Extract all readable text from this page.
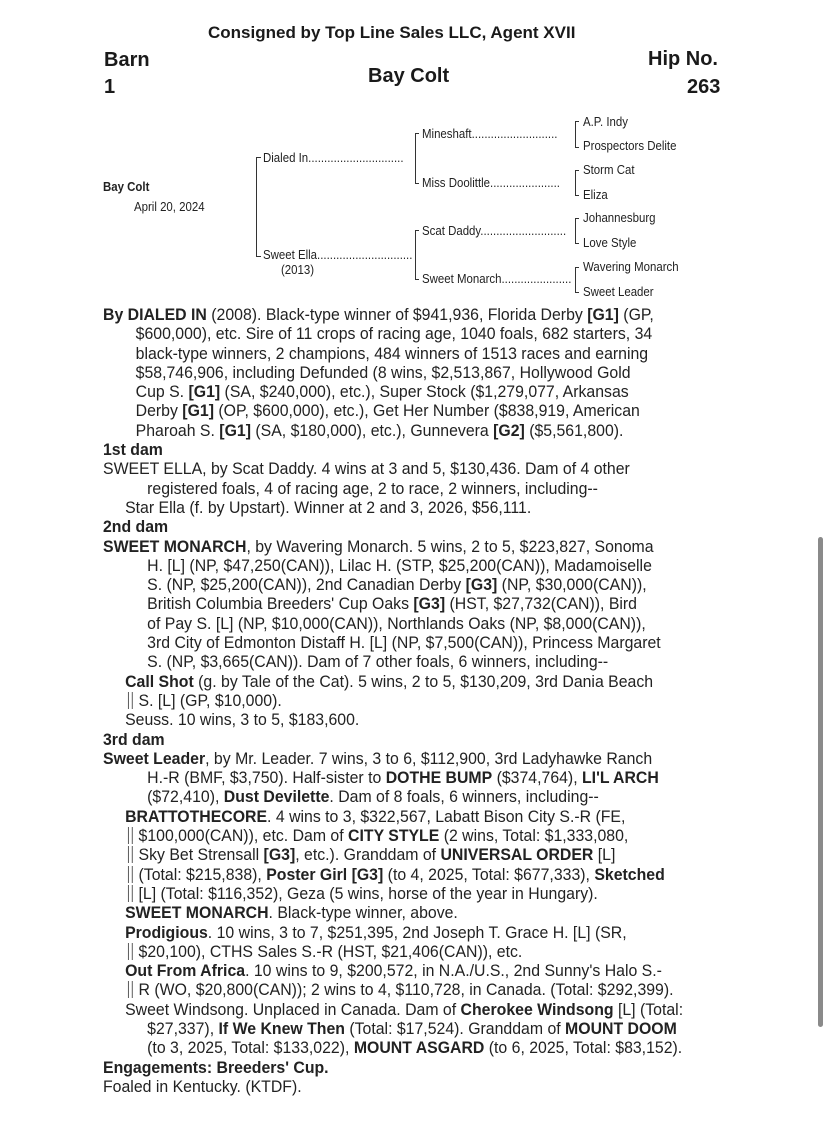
Consigned by Top Line Sales LLC, Agent XVII
Barn
1	Bay Colt
Hip No.
263
Bay Colt
April 20, 2024
Dialed In..............................
Sweet Ella..............................
(2013)
Mineshaft...........................
Miss Doolittle......................
Scat Daddy...........................
Sweet Monarch......................
A.P. Indy
Prospectors Delite
Storm Cat
Eliza
Johannesburg
Love Style
Wavering Monarch
Sweet Leader
By DIALED IN (2008). Black-type winner of $941,936, Florida Derby [G1] (GP,
$600,000), etc. Sire of 11 crops of racing age, 1040 foals, 682 starters, 34
black-type winners, 2 champions, 484 winners of 1513 races and earning
$58,746,906, including Defunded (8 wins, $2,513,867, Hollywood Gold
Cup S. [G1] (SA, $240,000), etc.), Super Stock ($1,279,077, Arkansas
Derby [G1] (OP, $600,000), etc.), Get Her Number ($838,919, American
Pharoah S. [G1] (SA, $180,000), etc.), Gunnevera [G2] ($5,561,800).
1st dam
SWEET ELLA, by Scat Daddy. 4 wins at 3 and 5, $130,436. Dam of 4 other
registered foals, 4 of racing age, 2 to race, 2 winners, including--
Star Ella (f. by Upstart). Winner at 2 and 3, 2026, $56,111.
2nd dam
SWEET MONARCH, by Wavering Monarch. 5 wins, 2 to 5, $223,827, Sonoma
H. [L] (NP, $47,250(CAN)), Lilac H. (STP, $25,200(CAN)), Madamoiselle
S. (NP, $25,200(CAN)), 2nd Canadian Derby [G3] (NP, $30,000(CAN)),
British Columbia Breeders' Cup Oaks [G3] (HST, $27,732(CAN)), Bird
of Pay S. [L] (NP, $10,000(CAN)), Northlands Oaks (NP, $8,000(CAN)),
3rd City of Edmonton Distaff H. [L] (NP, $7,500(CAN)), Princess Margaret
S. (NP, $3,665(CAN)). Dam of 7 other foals, 6 winners, including--
Call Shot (g. by Tale of the Cat). 5 wins, 2 to 5, $130,209, 3rd Dania Beach
S. [L] (GP, $10,000).
Seuss. 10 wins, 3 to 5, $183,600.
3rd dam
Sweet Leader, by Mr. Leader. 7 wins, 3 to 6, $112,900, 3rd Ladyhawke Ranch
H.-R (BMF, $3,750). Half-sister to DOTHE BUMP ($374,764), LI'L ARCH
($72,410), Dust Devilette. Dam of 8 foals, 6 winners, including--
BRATTOTHECORE. 4 wins to 3, $322,567, Labatt Bison City S.-R (FE,
$100,000(CAN)), etc. Dam of CITY STYLE (2 wins, Total: $1,333,080,
Sky Bet Strensall [G3], etc.). Granddam of UNIVERSAL ORDER [L]
(Total: $215,838), Poster Girl [G3] (to 4, 2025, Total: $677,333), Sketched
[L] (Total: $116,352), Geza (5 wins, horse of the year in Hungary).
SWEET MONARCH. Black-type winner, above.
Prodigious. 10 wins, 3 to 7, $251,395, 2nd Joseph T. Grace H. [L] (SR,
$20,100), CTHS Sales S.-R (HST, $21,406(CAN)), etc.
Out From Africa. 10 wins to 9, $200,572, in N.A./U.S., 2nd Sunny's Halo S.-
R (WO, $20,800(CAN)); 2 wins to 4, $110,728, in Canada. (Total: $292,399).
Sweet Windsong. Unplaced in Canada. Dam of Cherokee Windsong [L] (Total:
$27,337), If We Knew Then (Total: $17,524). Granddam of MOUNT DOOM
(to 3, 2025, Total: $133,022), MOUNT ASGARD (to 6, 2025, Total: $83,152).
Engagements: Breeders' Cup.
Foaled in Kentucky. (KTDF).
